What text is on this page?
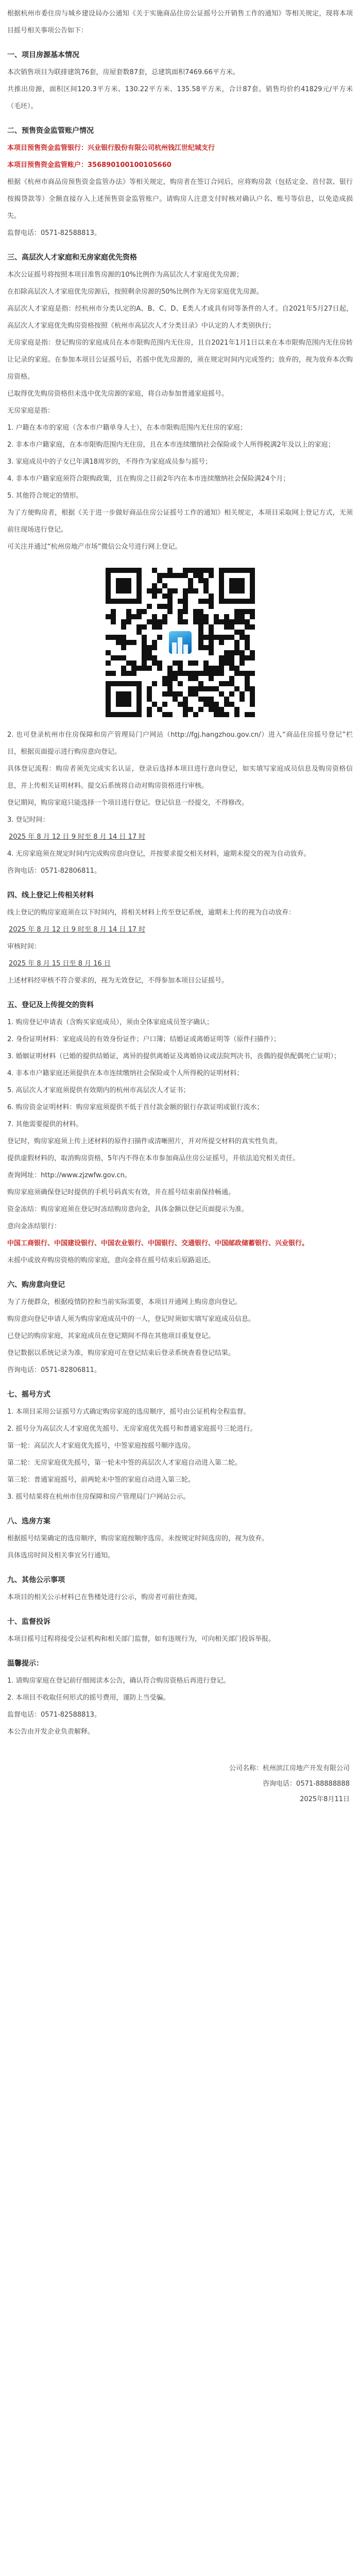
根据杭州市委住房与城乡建设局办公通知《关于实施商品住房公证摇号公开销售工作的通知》等相关规定，现将本项目摇号相关事项公告如下：

一、项目房源基本情况

本次销售项目为联排建筑76套，房屋套数87套，总建筑面积7469.66平方米。

共推出房源，面积区间120.3平方米、130.22平方米、135.58平方米，合计87套。销售均价约41829元/平方米（毛坯）。

二、预售资金监管账户情况

本项目预售资金监管银行：兴业银行股份有限公司杭州钱江世纪城支行

本项目预售资金监管账户：356890100100105660

根据《杭州市商品房预售资金监管办法》等相关规定，购房者在签订合同后，应将购房款（包括定金、首付款、银行按揭贷款等）全额直接存入上述预售资金监管账户。请购房人注意支付时核对确认户名、账号等信息，以免造成损失。

监督电话：0571-82588813。

三、高层次人才家庭和无房家庭优先资格

本次公证摇号将按照本项目准售房源的10%比例作为高层次人才家庭优先房源；

在扣除高层次人才家庭优先房源后，按照剩余房源的50%比例作为无房家庭优先房源。

高层次人才家庭是指：经杭州市分类认定的A、B、C、D、E类人才或具有同等条件的人才。自2021年5月27日起，高层次人才家庭优先购房资格按照《杭州市高层次人才分类目录》中认定的人才类别执行；

无房家庭是指：登记购房的家庭成员在本市限购范围内无住房，且自2021年1月1日以来在本市限购范围内无住房转让记录的家庭。在参加本项目公证摇号后，若摇中优先房源的，须在规定时间内完成签约；放弃的，视为放弃本次购房资格。

已取得优先购房资格但未选中优先房源的家庭，将自动参加普通家庭摇号。

无房家庭是指：

1. 户籍在本市的家庭（含本市户籍单身人士），在本市限购范围内无住房的家庭；

2. 非本市户籍家庭，在本市限购范围内无住房，且在本市连续缴纳社会保险或个人所得税满2年及以上的家庭；

3. 家庭成员中的子女已年满18周岁的，不得作为家庭成员参与摇号；

4. 非本市户籍家庭须符合限购政策，且在购房之日前2年内在本市连续缴纳社会保险满24个月；

5. 其他符合规定的情形。

为了方便购房者，根据《关于进一步做好商品住房公证摇号工作的通知》相关规定，本项目采取网上登记方式，无须前往现场进行登记。

可关注并通过“杭州房地产市场”微信公众号进行网上登记。

2. 也可登录杭州市住房保障和房产管理局门户网站（http://fgj.hangzhou.gov.cn/）进入“商品住房摇号登记”栏目，根据页面提示进行购房意向登记。

具体登记流程：购房者须先完成实名认证，登录后选择本项目进行意向登记，如实填写家庭成员信息及购房资格信息，并上传相关证明材料。提交后系统将自动对购房资格进行审核。

登记期间，购房家庭只能选择一个项目进行登记。登记信息一经提交，不得修改。

3. 登记时间：

2025 年 8 月 12 日 9 时至 8 月 14 日 17 时

4. 无房家庭须在规定时间内完成购房意向登记，并按要求提交相关材料，逾期未提交的视为自动放弃。

咨询电话：0571-82806811。

四、线上登记上传相关材料

线上登记的购房家庭须在以下时间内，将相关材料上传至登记系统，逾期未上传的视为自动放弃：

2025 年 8 月 12 日 9 时至 8 月 14 日 17 时

审核时间：

2025 年 8 月 15 日至 8 月 16 日

上述材料经审核不符合要求的，视为无效登记，不得参加本项目公证摇号。

五、登记及上传提交的资料

1. 购房登记申请表（含购买家庭成员），须由全体家庭成员签字确认；

2. 身份证明材料：家庭成员的有效身份证件；户口簿；结婚证或离婚证明等（原件扫描件）；

3. 婚姻证明材料（已婚的提供结婚证，离异的提供离婚证及离婚协议或法院判决书，丧偶的提供配偶死亡证明）；

4. 非本市户籍家庭还须提供在本市连续缴纳社会保险或个人所得税的证明材料；

5. 高层次人才家庭须提供有效期内的杭州市高层次人才证书；

6. 购房资金证明材料：购房家庭须提供不低于首付款金额的银行存款证明或银行流水；

7. 其他需要提供的材料。

登记时，购房家庭须上传上述材料的原件扫描件或清晰照片，并对所提交材料的真实性负责。

提供虚假材料的，取消购房资格，5年内不得在本市参加商品住房公证摇号，并依法追究相关责任。

查询网址：http://www.zjzwfw.gov.cn。

购房家庭须确保登记时提供的手机号码真实有效，并在摇号结束前保持畅通。

资金冻结：购房家庭须在登记时冻结购房意向金，具体金额以登记页面提示为准。

意向金冻结银行：

中国工商银行、中国建设银行、中国农业银行、中国银行、交通银行、中国邮政储蓄银行、兴业银行。

未摇中或放弃购房资格的购房家庭，意向金将在摇号结束后原路退还。

六、购房意向登记

为了方便群众，根据疫情防控和当前实际需要，本项目开通网上购房意向登记。

购房意向登记申请人须为购房家庭成员中的一人，登记时须如实填写家庭成员信息。

已登记的购房家庭，其家庭成员在登记期间不得在其他项目重复登记。

登记数据以系统记录为准，购房家庭可在登记结束后登录系统查看登记结果。

咨询电话：0571-82806811。

七、摇号方式

1. 本项目采用公证摇号方式确定购房家庭的选房顺序，摇号由公证机构全程监督。

2. 摇号分为高层次人才家庭优先摇号、无房家庭优先摇号和普通家庭摇号三轮进行。

第一轮：高层次人才家庭优先摇号，中签家庭按摇号顺序选房。

第二轮：无房家庭优先摇号，第一轮未中签的高层次人才家庭自动进入第二轮。

第三轮：普通家庭摇号，前两轮未中签的家庭自动进入第三轮。

3. 摇号结果将在杭州市住房保障和房产管理局门户网站公示。

八、选房方案

根据摇号结果确定的选房顺序，购房家庭按顺序选房。未按规定时间选房的，视为放弃。

具体选房时间及相关事宜另行通知。

九、其他公示事项

本项目的相关公示材料已在售楼处进行公示，购房者可前往查阅。

十、监督投诉

本项目摇号过程将接受公证机构和相关部门监督，如有违规行为，可向相关部门投诉举报。

温馨提示：

1. 请购房家庭在登记前仔细阅读本公告，确认符合购房资格后再进行登记。

2. 本项目不收取任何形式的摇号费用，谨防上当受骗。

监督电话：0571-82588813。

本公告由开发企业负责解释。

公司名称：杭州滨江房地产开发有限公司
咨询电话：0571-88888888
2025年8月11日
